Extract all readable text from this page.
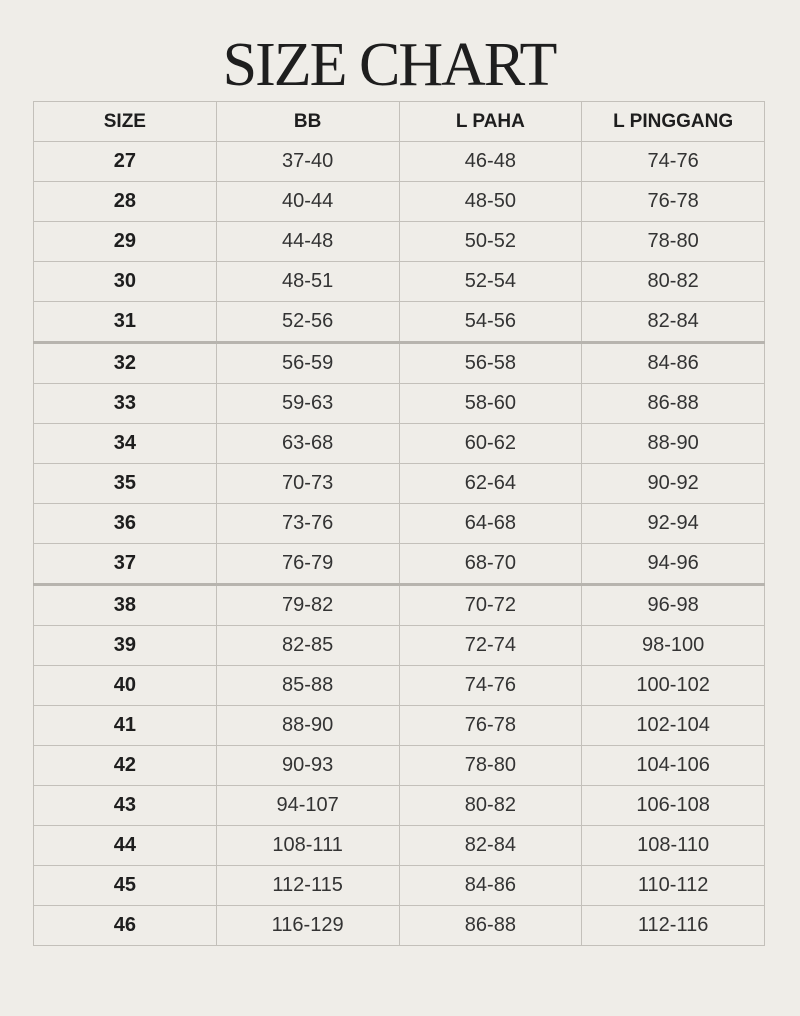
SIZE CHART
SIZE	BB	L PAHA	L PINGGANG
27	37-40	46-48	74-76
28	40-44	48-50	76-78
29	44-48	50-52	78-80
30	48-51	52-54	80-82
31	52-56	54-56	82-84
32	56-59	56-58	84-86
33	59-63	58-60	86-88
34	63-68	60-62	88-90
35	70-73	62-64	90-92
36	73-76	64-68	92-94
37	76-79	68-70	94-96
38	79-82	70-72	96-98
39	82-85	72-74	98-100
40	85-88	74-76	100-102
41	88-90	76-78	102-104
42	90-93	78-80	104-106
43	94-107	80-82	106-108
44	108-111	82-84	108-110
45	112-115	84-86	110-112
46	116-129	86-88	112-116
